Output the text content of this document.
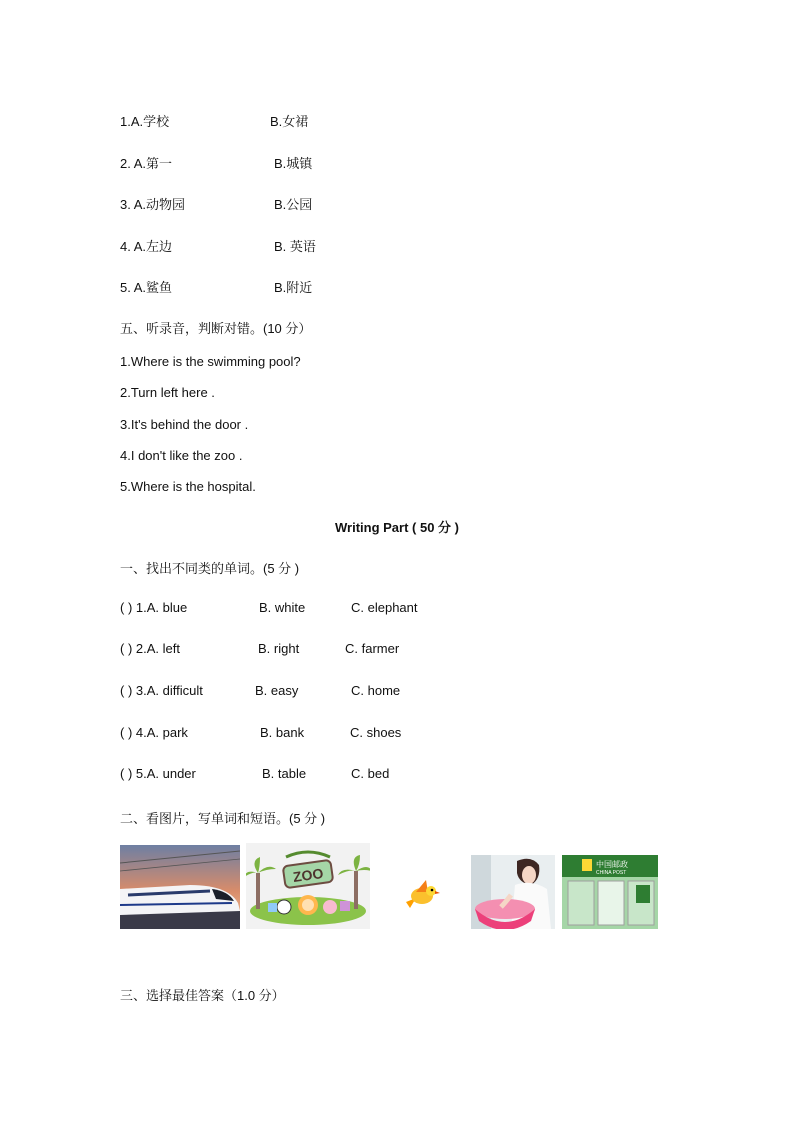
1.A.学校	B.女裙
2. A.第一	B.城镇
3. A.动物园	B.公园
4. A.左边	B. 英语
5. A.鲨鱼	B.附近
五、听录音，判断对错。(10 分）
1.Where is the swimming pool?
2.Turn left here .
3.It's behind the door .
4.I don't like the zoo .
5.Where is the hospital.
Writing Part ( 50 分 )
一、找出不同类的单词。(5 分 )
( ) 1.A. blue	B. white	C. elephant
( ) 2.A. left	B. right	C. farmer
( ) 3.A. difficult	B. easy	C. home
( ) 4.A. park	B. bank	C. shoes
( ) 5.A. under	B. table	C. bed
二、看图片，写单词和短语。(5 分 )
ZOO
中国邮政
CHINA POST
三、选择最佳答案（1.0 分）
